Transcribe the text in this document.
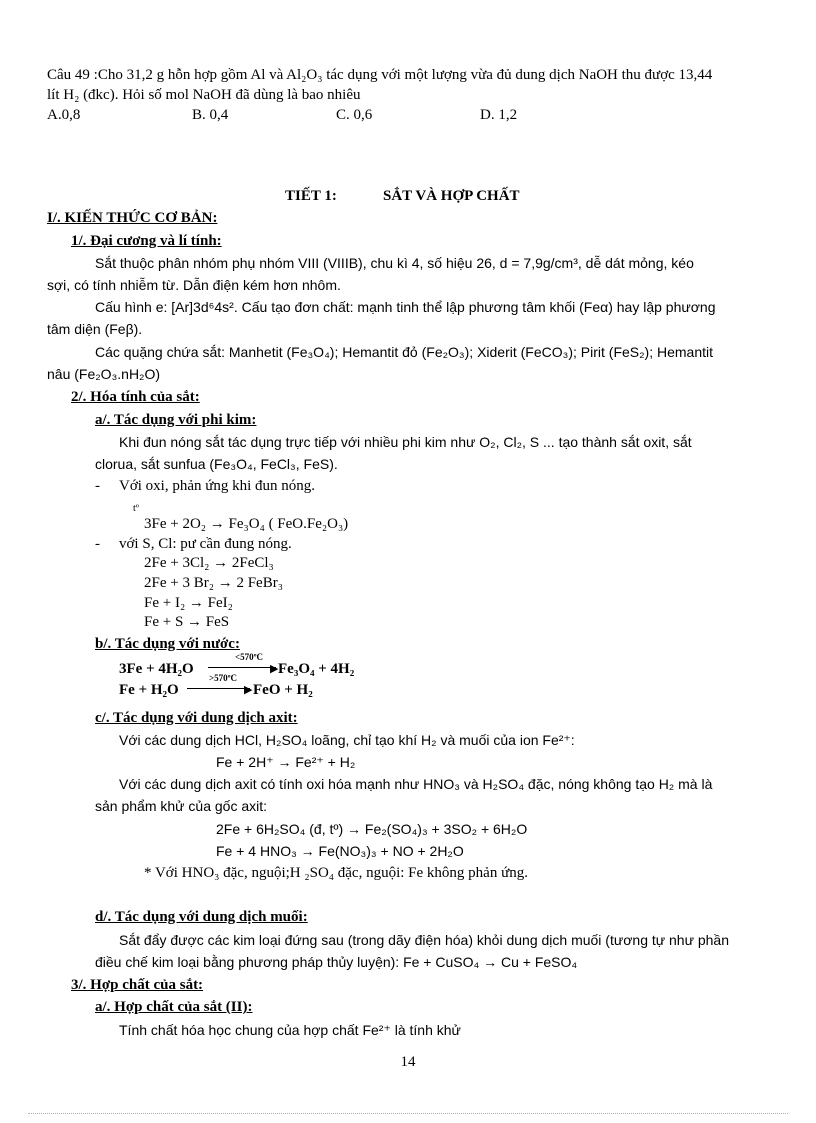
Câu 49 :Cho 31,2 g hỗn hợp gồm Al và Al₂O₃ tác dụng với một lượng vừa đủ dung dịch NaOH thu được 13,44
lít H₂ (đkc). Hỏi số mol NaOH đã dùng là bao nhiêu
A.0,8	B. 0,4	C. 0,6	D. 1,2
TIẾT 1:	SẮT VÀ HỢP CHẤT
I/. KIẾN THỨC CƠ BẢN:
1/. Đại cương và lí tính:
Sắt thuộc phân nhóm phụ nhóm VIII (VIIIB), chu kì 4, số hiệu 26, d = 7,9g/cm³, dễ dát mỏng, kéo
sợi, có tính nhiễm từ. Dẫn điện kém hơn nhôm.
Cấu hình e: [Ar]3d⁶4s². Cấu tạo đơn chất: mạnh tinh thể lập phương tâm khối (Feα) hay lập phương
tâm diện (Feβ).
Các quặng chứa sắt: Manhetit (Fe₃O₄); Hemantit đỏ (Fe₂O₃); Xiderit (FeCO₃); Pirit (FeS₂); Hemantit
nâu (Fe₂O₃.nH₂O)
2/. Hóa tính của sắt:
a/. Tác dụng với phi kim:
Khi đun nóng sắt tác dụng trực tiếp với nhiều phi kim như O₂, Cl₂, S ... tạo thành sắt oxit, sắt
clorua, sắt sunfua (Fe₃O₄, FeCl₃, FeS).
- Với oxi, phản ứng khi đun nóng.
tº
3Fe + 2O₂ → Fe₃O₄ ( FeO.Fe₂O₃)
- với S, Cl: pư cần đung nóng.
2Fe + 3Cl₂ → 2FeCl₃
2Fe + 3 Br₂ → 2 FeBr₃
Fe + I₂ → FeI₂
Fe + S → FeS
b/. Tác dụng với nước:
3Fe + 4H₂O
<570ºC
▶ Fe₃O₄ + 4H₂
Fe + H₂O
>570ºC
▶ FeO + H₂
c/. Tác dụng với dung dịch axit:
Với các dung dịch HCl, H₂SO₄ loãng, chỉ tạo khí H₂ và muối của ion Fe²⁺:
Fe + 2H⁺ → Fe²⁺ + H₂
Với các dung dịch axit có tính oxi hóa mạnh như HNO₃ và H₂SO₄ đặc, nóng không tạo H₂ mà là
sản phẩm khử của gốc axit:
2Fe + 6H₂SO₄ (đ, tº) → Fe₂(SO₄)₃ + 3SO₂ + 6H₂O
Fe + 4 HNO₃ → Fe(NO₃)₃ + NO + 2H₂O
* Với HNO₃ đặc, nguội;H ₂SO₄ đặc, nguội: Fe không phản ứng.
d/. Tác dụng với dung dịch muối:
Sắt đẩy được các kim loại đứng sau (trong dãy điện hóa) khỏi dung dịch muối (tương tự như phần
điều chế kim loại bằng phương pháp thủy luyện): Fe + CuSO₄ → Cu + FeSO₄
3/. Hợp chất của sắt:
a/. Hợp chất của sắt (II):
Tính chất hóa học chung của hợp chất Fe²⁺ là tính khử
14
